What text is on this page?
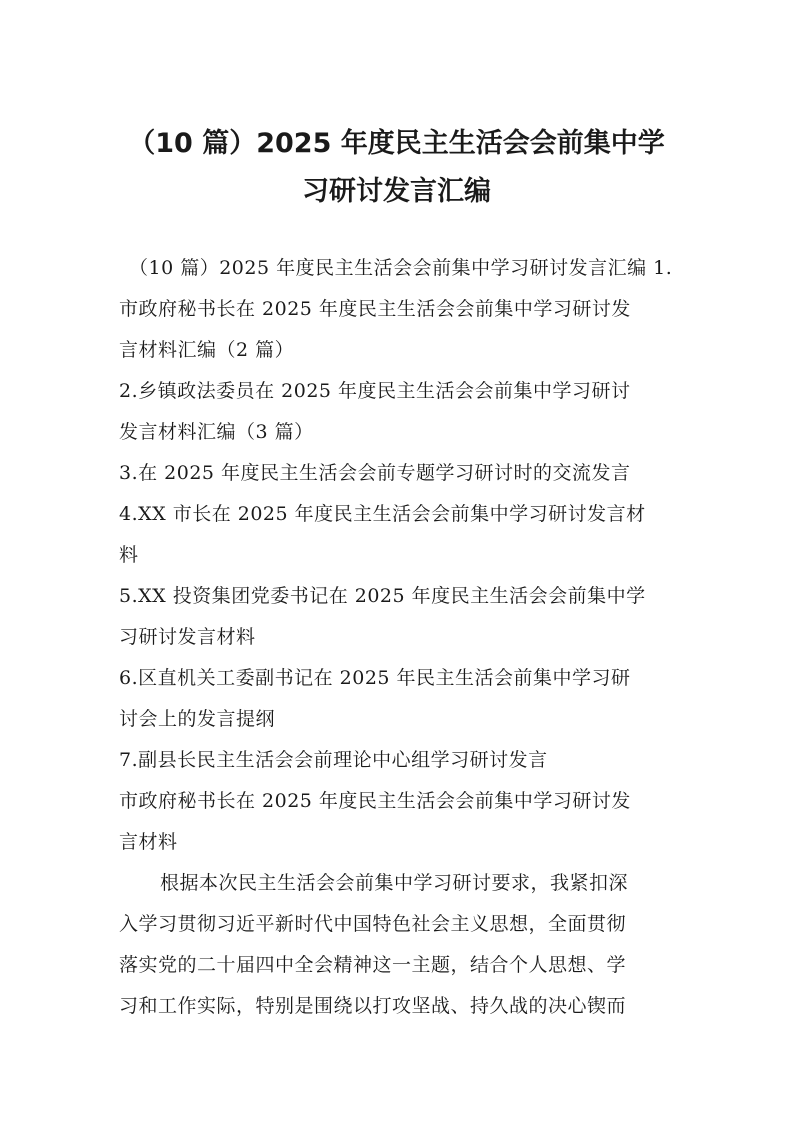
（10 篇）2025 年度民主生活会会前集中学
习研讨发言汇编
（10 篇）2025 年度民主生活会会前集中学习研讨发言汇编 1.
市政府秘书长在 2025 年度民主生活会会前集中学习研讨发
言材料汇编（2 篇）
2.乡镇政法委员在 2025 年度民主生活会会前集中学习研讨
发言材料汇编（3 篇）
3.在 2025 年度民主生活会会前专题学习研讨时的交流发言
4.XX 市长在 2025 年度民主生活会会前集中学习研讨发言材
料
5.XX 投资集团党委书记在 2025 年度民主生活会会前集中学
习研讨发言材料
6.区直机关工委副书记在 2025 年民主生活会前集中学习研
讨会上的发言提纲
7.副县长民主生活会会前理论中心组学习研讨发言
市政府秘书长在 2025 年度民主生活会会前集中学习研讨发
言材料
根据本次民主生活会会前集中学习研讨要求，我紧扣深
入学习贯彻习近平新时代中国特色社会主义思想，全面贯彻
落实党的二十届四中全会精神这一主题，结合个人思想、学
习和工作实际，特别是围绕以打攻坚战、持久战的决心锲而
